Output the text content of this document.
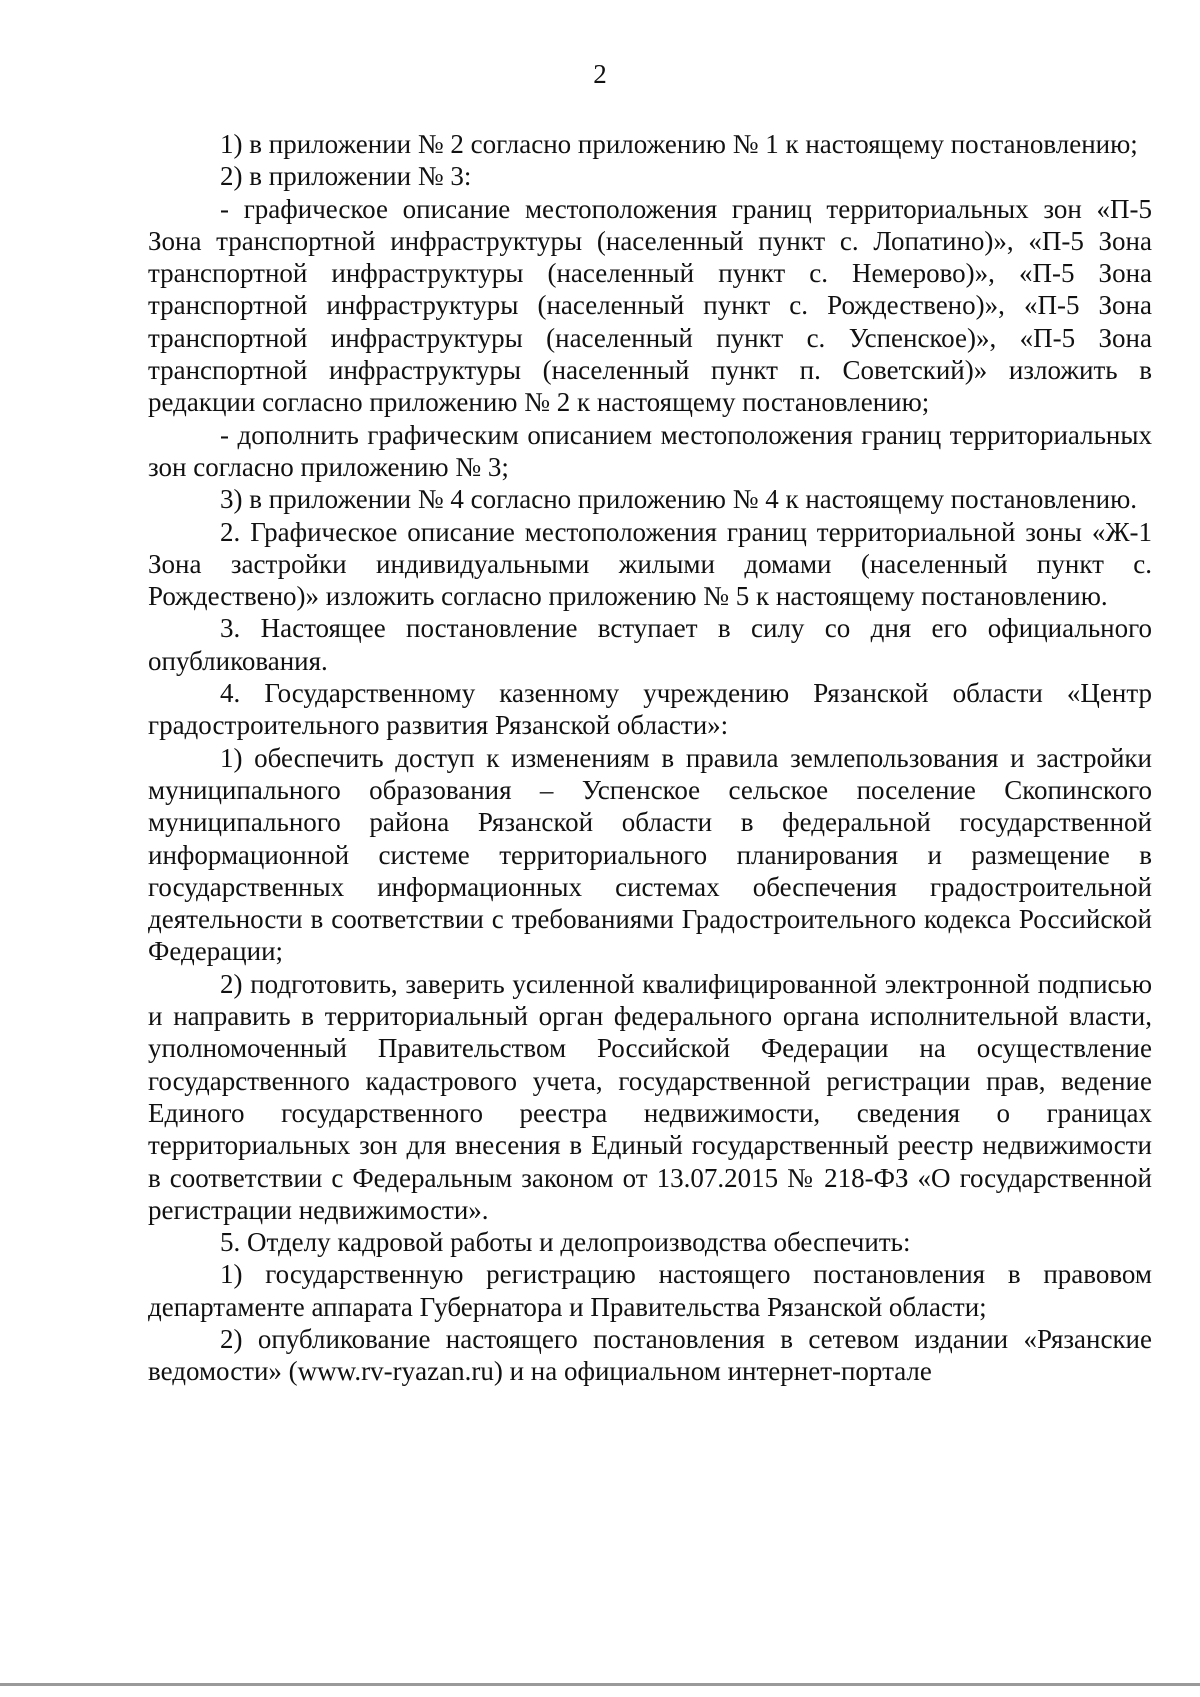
2

1) в приложении № 2 согласно приложению № 1 к настоящему постановлению;

2) в приложении № 3:

- графическое описание местоположения границ территориальных зон «П-5 Зона транспортной инфраструктуры (населенный пункт с. Лопатино)», «П-5 Зона транспортной инфраструктуры (населенный пункт с. Немерово)», «П-5 Зона транспортной инфраструктуры (населенный пункт с. Рождествено)», «П-5 Зона транспортной инфраструктуры (населенный пункт с. Успенское)», «П-5 Зона транспортной инфраструктуры (населенный пункт п. Советский)» изложить в редакции согласно приложению № 2 к настоящему постановлению;

- дополнить графическим описанием местоположения границ территориальных зон согласно приложению № 3;

3) в приложении № 4 согласно приложению № 4 к настоящему постановлению.

2. Графическое описание местоположения границ территориальной зоны «Ж-1 Зона застройки индивидуальными жилыми домами (населенный пункт с. Рождествено)» изложить согласно приложению № 5 к настоящему постановлению.

3. Настоящее постановление вступает в силу со дня его официального опубликования.

4. Государственному казенному учреждению Рязанской области «Центр градостроительного развития Рязанской области»:

1) обеспечить доступ к изменениям в правила землепользования и застройки муниципального образования – Успенское сельское поселение Скопинского муниципального района Рязанской области в федеральной государственной информационной системе территориального планирования и размещение в государственных информационных системах обеспечения градостроительной деятельности в соответствии с требованиями Градостроительного кодекса Российской Федерации;

2) подготовить, заверить усиленной квалифицированной электронной подписью и направить в территориальный орган федерального органа исполнительной власти, уполномоченный Правительством Российской Федерации на осуществление государственного кадастрового учета, государственной регистрации прав, ведение Единого государственного реестра недвижимости, сведения о границах территориальных зон для внесения в Единый государственный реестр недвижимости в соответствии с Федеральным законом от 13.07.2015 № 218-ФЗ «О государственной регистрации недвижимости».

5. Отделу кадровой работы и делопроизводства обеспечить:

1) государственную регистрацию настоящего постановления в правовом департаменте аппарата Губернатора и Правительства Рязанской области;

2) опубликование настоящего постановления в сетевом издании «Рязанские ведомости» (www.rv-ryazan.ru) и на официальном интернет-портале
